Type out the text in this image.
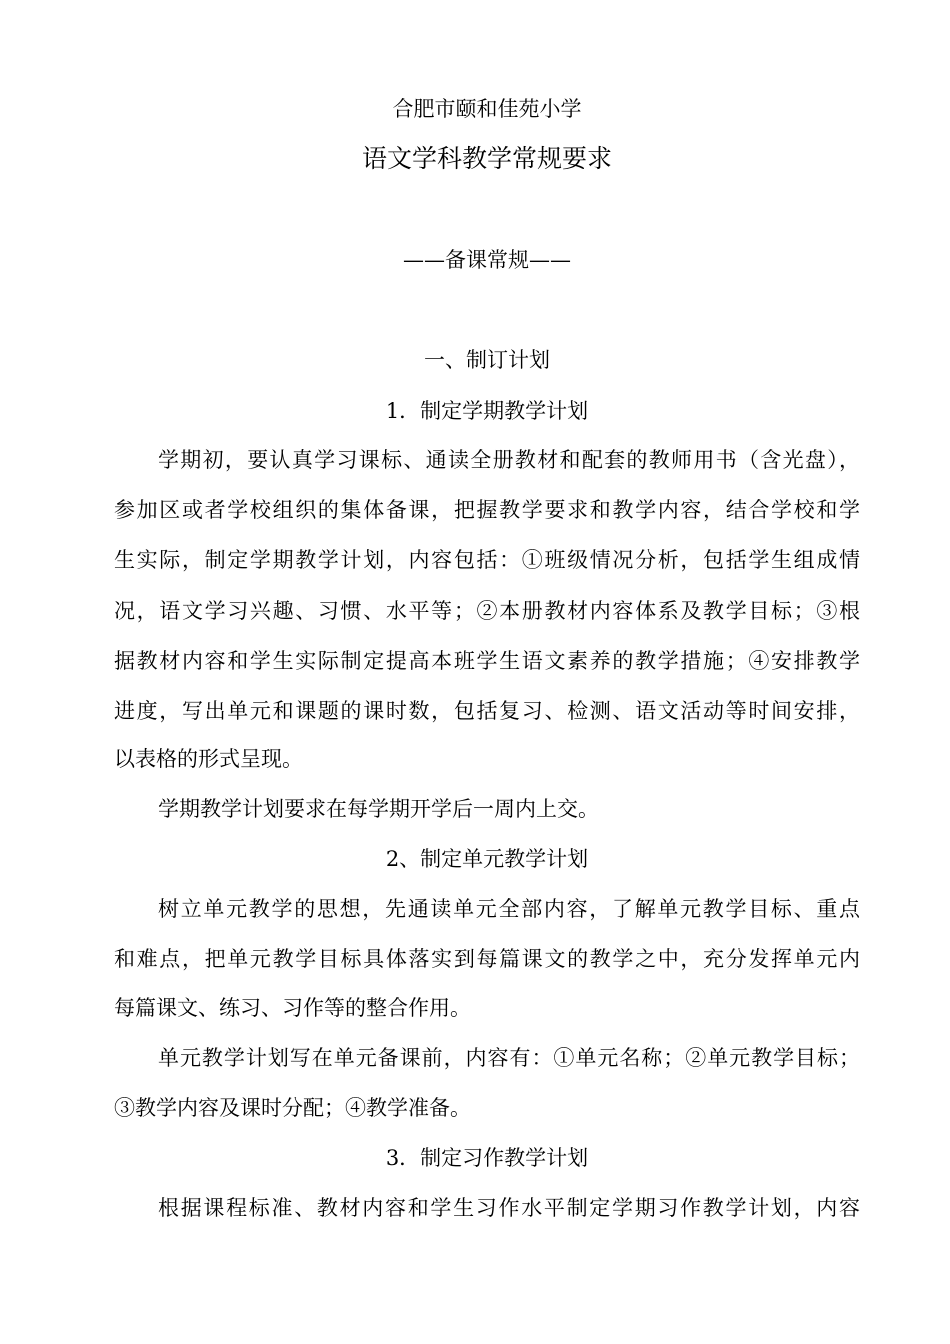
合肥市颐和佳苑小学
语文学科教学常规要求
——备课常规——
一、制订计划
1．制定学期教学计划
学期初，要认真学习课标、通读全册教材和配套的教师用书（含光盘），
参加区或者学校组织的集体备课，把握教学要求和教学内容，结合学校和学
生实际，制定学期教学计划，内容包括：①班级情况分析，包括学生组成情
况，语文学习兴趣、习惯、水平等；②本册教材内容体系及教学目标；③根
据教材内容和学生实际制定提高本班学生语文素养的教学措施；④安排教学
进度，写出单元和课题的课时数，包括复习、检测、语文活动等时间安排，
以表格的形式呈现。
学期教学计划要求在每学期开学后一周内上交。
2、制定单元教学计划
树立单元教学的思想，先通读单元全部内容，了解单元教学目标、重点
和难点，把单元教学目标具体落实到每篇课文的教学之中，充分发挥单元内
每篇课文、练习、习作等的整合作用。
单元教学计划写在单元备课前，内容有：①单元名称；②单元教学目标；
③教学内容及课时分配；④教学准备。
3．制定习作教学计划
根据课程标准、教材内容和学生习作水平制定学期习作教学计划，内容
